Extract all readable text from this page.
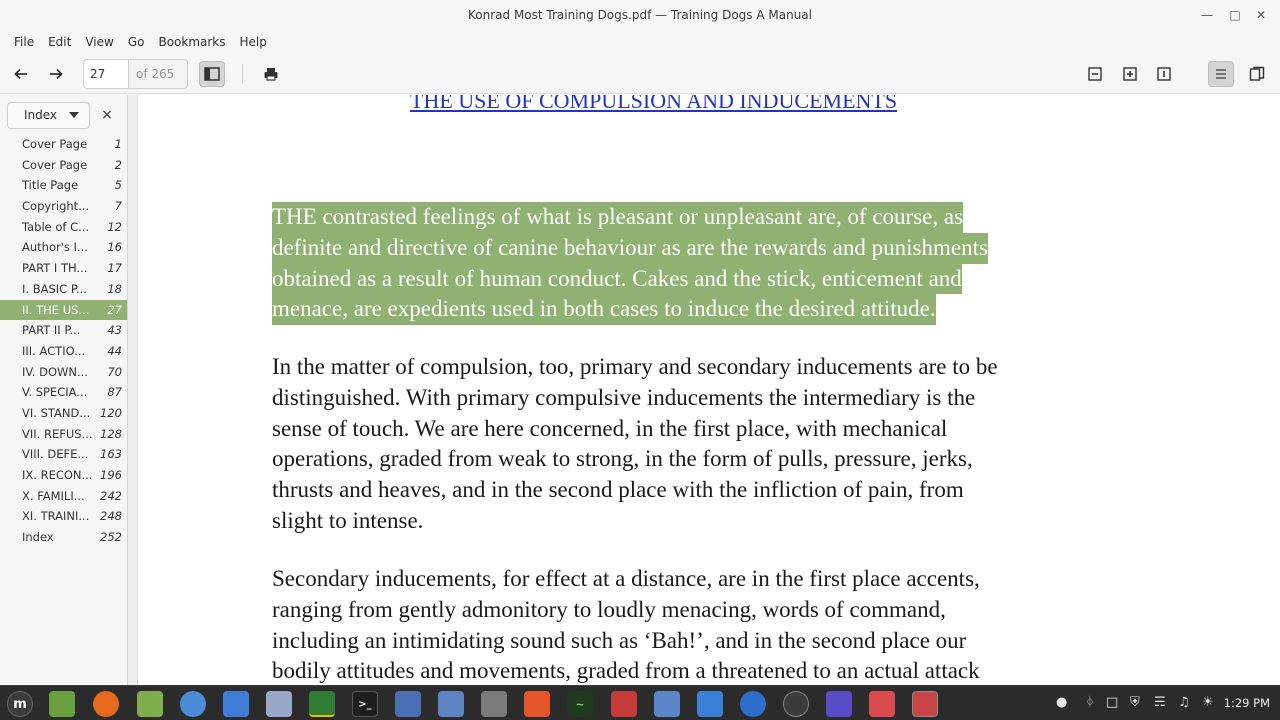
Konrad Most Training Dogs.pdf — Training Dogs A Manual	— □	✕
File	Edit	View	Go	Bookmarks	Help
27
of 265
Index	×
Cover Page 1
Cover Page 2
Title Page	5
Copyright... 7
Table of C... 12
Author's I... 16
PART I TH... 17
I. BASIC P... 18
II. THE US... 27
PART II P... 43
III. ACTIO... 44
IV. DOWN... 70
V. SPECIA... 87
VI. STAND... 120
VII. REFUS... 128
VIII. DEFE... 163
IX. RECON... 196
X. FAMILI... 242
XI. TRAINI... 248
Index	252
THE USE OF COMPULSION AND INDUCEMENTS
THE contrasted feelings of what is pleasant or unpleasant are, of course, as definite and directive of canine behaviour as are the rewards and punishments obtained as a result of human conduct. Cakes and the stick, enticement and menace, are expedients used in both cases to induce the desired attitude.
In the matter of compulsion, too, primary and secondary inducements are to be
distinguished. With primary compulsive inducements the intermediary is the
sense of touch. We are here concerned, in the first place, with mechanical
operations, graded from weak to strong, in the form of pulls, pressure, jerks,
thrusts and heaves, and in the second place with the infliction of pain, from
slight to intense.
Secondary inducements, for effect at a distance, are in the first place accents,
ranging from gently admonitory to loudly menacing, words of command,
including an intimidating sound such as ‘Bah!’, and in the second place our
bodily attitudes and movements, graded from a threatened to an actual attack
m	>_	~	● ᛄ □ ⛨ ☴ ♫ ☀ 1:29 PM
